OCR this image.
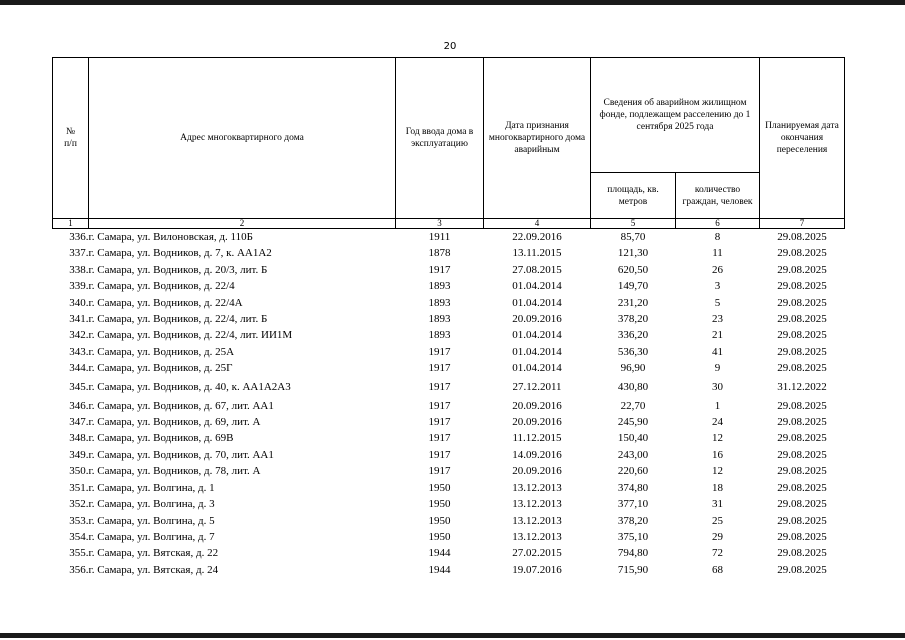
20
№
п/п	Адрес многоквартирного дома	Год ввода дома в эксплуатацию	Дата признания многоквартирного дома аварийным	Сведения об аварийном жилищном фонде, подлежащем расселению до 1 сентября 2025 года		Планируемая дата окончания переселения
				площадь, кв. метров	количество граждан, человек	
1	2	3	4	5	6	7
336.	г. Самара, ул. Вилоновская, д. 110Б	1911	22.09.2016	85,70	8	29.08.2025
337.	г. Самара, ул. Водников, д. 7, к. АА1А2	1878	13.11.2015	121,30	11	29.08.2025
338.	г. Самара, ул. Водников, д. 20/3, лит. Б	1917	27.08.2015	620,50	26	29.08.2025
339.	г. Самара, ул. Водников, д. 22/4	1893	01.04.2014	149,70	3	29.08.2025
340.	г. Самара, ул. Водников, д. 22/4А	1893	01.04.2014	231,20	5	29.08.2025
341.	г. Самара, ул. Водников, д. 22/4, лит. Б	1893	20.09.2016	378,20	23	29.08.2025
342.	г. Самара, ул. Водников, д. 22/4, лит. ИИ1М	1893	01.04.2014	336,20	21	29.08.2025
343.	г. Самара, ул. Водников, д. 25А	1917	01.04.2014	536,30	41	29.08.2025
344.	г. Самара, ул. Водников, д. 25Г	1917	01.04.2014	96,90	9	29.08.2025
345.	г. Самара, ул. Водников, д. 40, к. АА1А2А3	1917	27.12.2011	430,80	30	31.12.2022
346.	г. Самара, ул. Водников, д. 67, лит. АА1	1917	20.09.2016	22,70	1	29.08.2025
347.	г. Самара, ул. Водников, д. 69, лит. А	1917	20.09.2016	245,90	24	29.08.2025
348.	г. Самара, ул. Водников, д. 69В	1917	11.12.2015	150,40	12	29.08.2025
349.	г. Самара, ул. Водников, д. 70, лит. АА1	1917	14.09.2016	243,00	16	29.08.2025
350.	г. Самара, ул. Водников, д. 78, лит. А	1917	20.09.2016	220,60	12	29.08.2025
351.	г. Самара, ул. Волгина, д. 1	1950	13.12.2013	374,80	18	29.08.2025
352.	г. Самара, ул. Волгина, д. 3	1950	13.12.2013	377,10	31	29.08.2025
353.	г. Самара, ул. Волгина, д. 5	1950	13.12.2013	378,20	25	29.08.2025
354.	г. Самара, ул. Волгина, д. 7	1950	13.12.2013	375,10	29	29.08.2025
355.	г. Самара, ул. Вятская, д. 22	1944	27.02.2015	794,80	72	29.08.2025
356.	г. Самара, ул. Вятская, д. 24	1944	19.07.2016	715,90	68	29.08.2025
